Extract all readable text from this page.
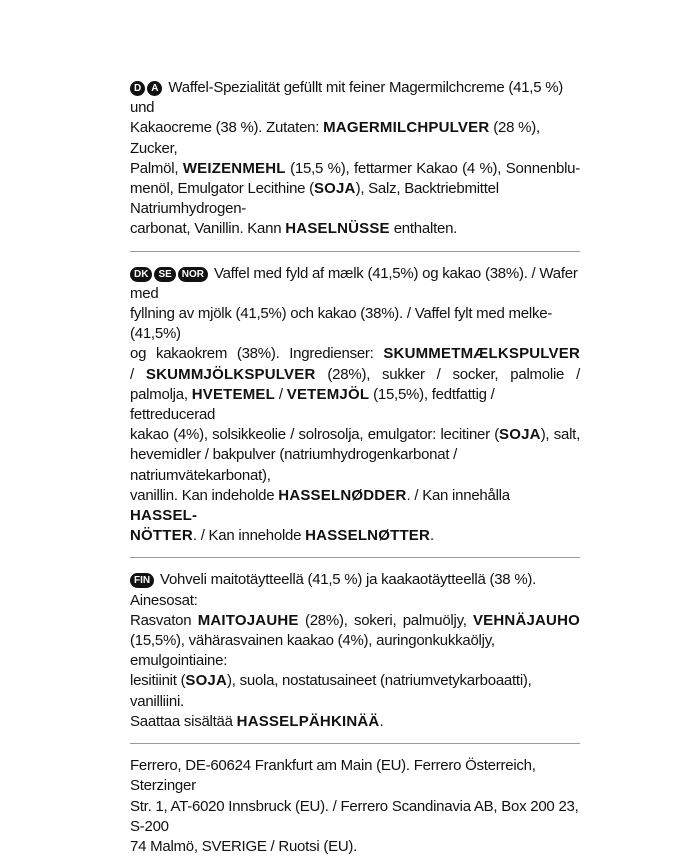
D A Waffel-Spezialität gefüllt mit feiner Magermilchcreme (41,5 %) und
Kakaocreme (38 %). Zutaten: MAGERMILCHPULVER (28 %), Zucker,
Palmöl, WEIZENMEHL (15,5 %), fettarmer Kakao (4 %), Sonnenblu-
menöl, Emulgator Lecithine (SOJA), Salz, Backtriebmittel Natriumhydrogen-
carbonat, Vanillin. Kann HASELNÜSSE enthalten.
DK SE NOR Vaffel med fyld af mælk (41,5%) og kakao (38%). / Wafer med
fyllning av mjölk (41,5%) och kakao (38%). / Vaffel fylt med melke- (41,5%)
og kakaokrem (38%). Ingredienser: SKUMMETMÆLKSPULVER
/ SKUMMJÖLKSPULVER (28%), sukker / socker, palmolie /
palmolja, HVETEMEL / VETEMJÖL (15,5%), fedtfattig / fettreducerad
kakao (4%), solsikkeolie / solrosolja, emulgator: lecitiner (SOJA), salt,
hevemidler / bakpulver (natriumhydrogenkarbonat / natriumvätekarbonat),
vanillin. Kan indeholde HASSELNØDDER. / Kan innehålla HASSEL-
NÖTTER. / Kan inneholde HASSELNØTTER.
FIN Vohveli maitotäytteellä (41,5 %) ja kaakaotäytteellä (38 %). Ainesosat:
Rasvaton MAITOJAUHE (28%), sokeri, palmuöljy, VEHNÄJAUHO
(15,5%), vähärasvainen kaakao (4%), auringonkukkaöljy, emulgointiaine:
lesitiinit (SOJA), suola, nostatusaineet (natriumvetykarboaatti), vanilliini.
Saattaa sisältää HASSELPÄHKINÄÄ.
Ferrero, DE-60624 Frankfurt am Main (EU). Ferrero Österreich, Sterzinger
Str. 1, AT-6020 Innsbruck (EU). / Ferrero Scandinavia AB, Box 200 23, S-200
74 Malmö, SVERIGE / Ruotsi (EU).
